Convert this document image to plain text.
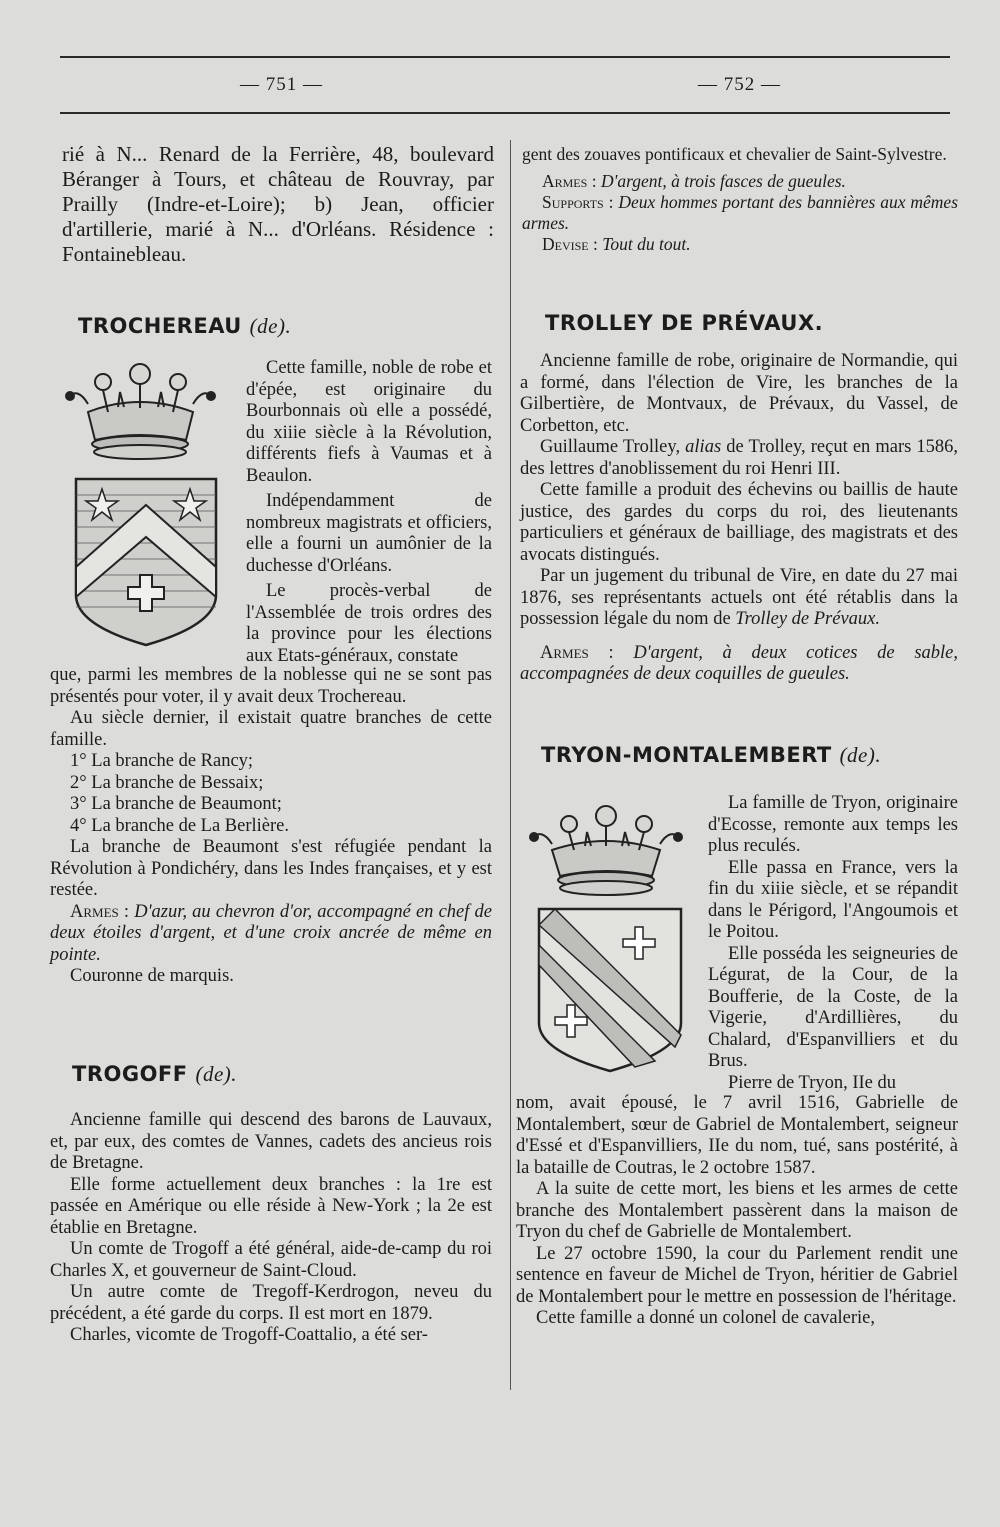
— 751 —	— 752 —

rié à N... Renard de la Ferrière, 48, boulevard Béranger à Tours, et château de Rouvray, par Prailly (Indre-et-Loire); b) Jean, officier d'artillerie, marié à N... d'Orléans. Résidence : Fontainebleau.

TROCHEREAU (de).

Cette famille, noble de robe et d'épée, est originaire du Bourbonnais où elle a possédé, du xiiie siècle à la Révolution, différents fiefs à Vaumas et à Beaulon.

Indépendamment de nombreux magistrats et officiers, elle a fourni un aumônier de la duchesse d'Orléans.

Le procès-verbal de l'Assemblée de trois ordres des la province pour les élections aux Etats-généraux, constate

que, parmi les membres de la noblesse qui ne se sont pas présentés pour voter, il y avait deux Trochereau.

Au siècle dernier, il existait quatre branches de cette famille.

1° La branche de Rancy;

2° La branche de Bessaix;

3° La branche de Beaumont;

4° La branche de La Berlière.

La branche de Beaumont s'est réfugiée pendant la Révolution à Pondichéry, dans les Indes françaises, et y est restée.

Armes : D'azur, au chevron d'or, accompagné en chef de deux étoiles d'argent, et d'une croix ancrée de même en pointe.

Couronne de marquis.

TROGOFF (de).

Ancienne famille qui descend des barons de Lauvaux, et, par eux, des comtes de Vannes, cadets des ancieus rois de Bretagne.

Elle forme actuellement deux branches : la 1re est passée en Amérique ou elle réside à New-York ; la 2e est établie en Bretagne.

Un comte de Trogoff a été général, aide-de-camp du roi Charles X, et gouverneur de Saint-Cloud.

Un autre comte de Tregoff-Kerdrogon, neveu du précédent, a été garde du corps. Il est mort en 1879.

Charles, vicomte de Trogoff-Coattalio, a été ser-

gent des zouaves pontificaux et chevalier de Saint-Sylvestre.

Armes : D'argent, à trois fasces de gueules.

Supports : Deux hommes portant des bannières aux mêmes armes.

Devise : Tout du tout.

TROLLEY DE PRÉVAUX.

Ancienne famille de robe, originaire de Normandie, qui a formé, dans l'élection de Vire, les branches de la Gilbertière, de Montvaux, de Prévaux, du Vassel, de Corbetton, etc.

Guillaume Trolley, alias de Trolley, reçut en mars 1586, des lettres d'anoblissement du roi Henri III.

Cette famille a produit des échevins ou baillis de haute justice, des gardes du corps du roi, des lieutenants particuliers et généraux de bailliage, des magistrats et des avocats distingués.

Par un jugement du tribunal de Vire, en date du 27 mai 1876, ses représentants actuels ont été rétablis dans la possession légale du nom de Trolley de Prévaux.

Armes : D'argent, à deux cotices de sable, accompagnées de deux coquilles de gueules.

TRYON-MONTALEMBERT (de).

La famille de Tryon, originaire d'Ecosse, remonte aux temps les plus reculés.

Elle passa en France, vers la fin du xiiie siècle, et se répandit dans le Périgord, l'Angoumois et le Poitou.

Elle posséda les seigneuries de Légurat, de la Cour, de la Boufferie, de la Coste, de la Vigerie, d'Ardillières, du Chalard, d'Espanvilliers et du Brus.

Pierre de Tryon, IIe du

nom, avait épousé, le 7 avril 1516, Gabrielle de Montalembert, sœur de Gabriel de Montalembert, seigneur d'Essé et d'Espanvilliers, IIe du nom, tué, sans postérité, à la bataille de Coutras, le 2 octobre 1587.

A la suite de cette mort, les biens et les armes de cette branche des Montalembert passèrent dans la maison de Tryon du chef de Gabrielle de Montalembert.

Le 27 octobre 1590, la cour du Parlement rendit une sentence en faveur de Michel de Tryon, héritier de Gabriel de Montalembert pour le mettre en possession de l'héritage.

Cette famille a donné un colonel de cavalerie,
